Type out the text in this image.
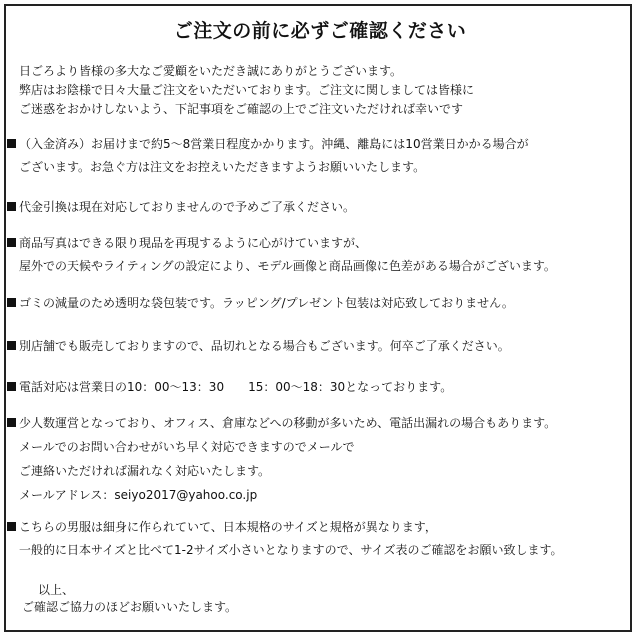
ご注文の前に必ずご確認ください
日ごろより皆様の多大なご愛顧をいただき誠にありがとうございます。
弊店はお陰様で日々大量ご注文をいただいております。ご注文に関しましては皆様に
ご迷惑をおかけしないよう、下記事項をご確認の上でご注文いただければ幸いです
（入金済み）お届けまで約5～8営業日程度かかります。沖縄、離島には10営業日かかる場合が
ございます。お急ぐ方は注文をお控えいただきますようお願いいたします。
代金引換は現在対応しておりませんので予めご了承ください。
商品写真はできる限り現品を再現するように心がけていますが、
屋外での天候やライティングの設定により、モデル画像と商品画像に色差がある場合がございます。
ゴミの減量のため透明な袋包装です。ラッピング/プレゼント包装は対応致しておりません。
別店舗でも販売しておりますので、品切れとなる場合もございます。何卒ご了承ください。
電話対応は営業日の10：00～13：30　　15：00～18：30となっております。
少人数運営となっており、オフィス、倉庫などへの移動が多いため、電話出漏れの場合もあります。
メールでのお問い合わせがいち早く対応できますのでメールで
ご連絡いただければ漏れなく対応いたします。
メールアドレス：seiyo2017@yahoo.co.jp
こちらの男服は細身に作られていて、日本規格のサイズと規格が異なります，
一般的に日本サイズと比べて1-2サイズ小さいとなりますので、サイズ表のご確認をお願い致します。
以上、
ご確認ご協力のほどお願いいたします。
